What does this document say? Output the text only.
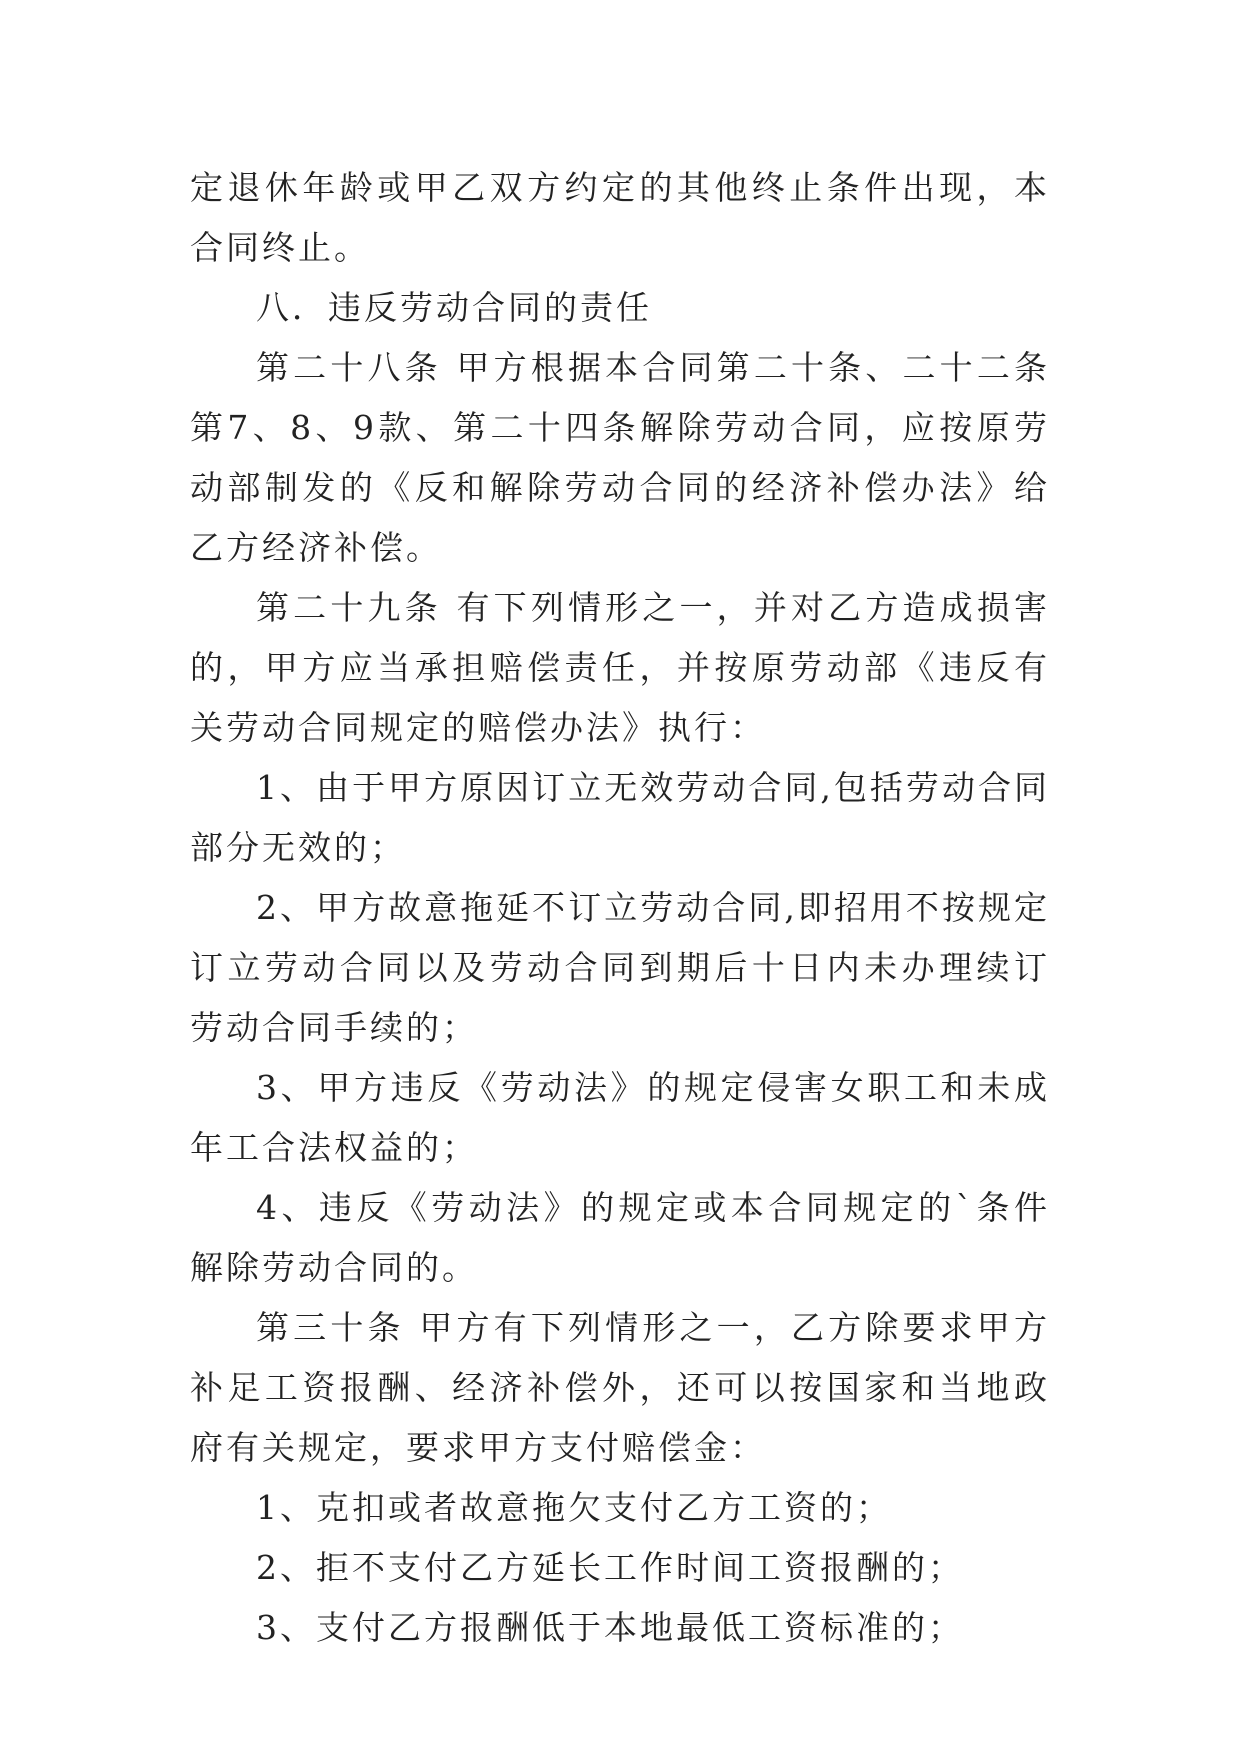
定退休年龄或甲乙双方约定的其他终止条件出现，本合同终止。

八．违反劳动合同的责任

第二十八条 甲方根据本合同第二十条、二十二条第7、8、9款、第二十四条解除劳动合同，应按原劳动部制发的《反和解除劳动合同的经济补偿办法》给乙方经济补偿。

第二十九条 有下列情形之一，并对乙方造成损害的，甲方应当承担赔偿责任，并按原劳动部《违反有关劳动合同规定的赔偿办法》执行：

1、由于甲方原因订立无效劳动合同,包括劳动合同部分无效的；

2、甲方故意拖延不订立劳动合同,即招用不按规定订立劳动合同以及劳动合同到期后十日内未办理续订劳动合同手续的；

3、甲方违反《劳动法》的规定侵害女职工和未成年工合法权益的；

4、违反《劳动法》的规定或本合同规定的`条件解除劳动合同的。

第三十条 甲方有下列情形之一，乙方除要求甲方补足工资报酬、经济补偿外，还可以按国家和当地政府有关规定，要求甲方支付赔偿金：

1、克扣或者故意拖欠支付乙方工资的；

2、拒不支付乙方延长工作时间工资报酬的；

3、支付乙方报酬低于本地最低工资标准的；
